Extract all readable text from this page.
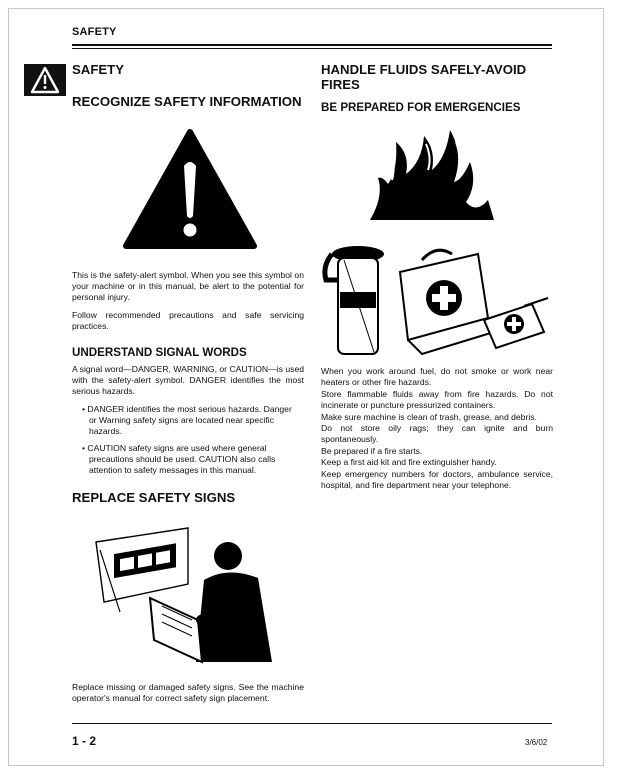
SAFETY
SAFETY
RECOGNIZE SAFETY INFORMATION

This is the safety-alert symbol. When you see this symbol on your machine or in this manual, be alert to the potential for personal injury.

Follow recommended precautions and safe servicing practices.

UNDERSTAND SIGNAL WORDS
A signal word—DANGER, WARNING, or CAUTION—is used with the safety-alert symbol. DANGER identifies the most serious hazards.
• DANGER identifies the most serious hazards. Danger or Warning safety signs are located near specific hazards.
• CAUTION safety signs are used where general precautions should be used. CAUTION also calls attention to safety messages in this manual.
REPLACE SAFETY SIGNS
Replace missing or damaged safety signs. See the machine operator's manual for correct safety sign placement.
HANDLE FLUIDS SAFELY-AVOID FIRES
BE PREPARED FOR EMERGENCIES
When you work around fuel, do not smoke or work near heaters or other fire hazards.
Store flammable fluids away from fire hazards. Do not incinerate or puncture pressurized containers.
Make sure machine is clean of trash, grease, and debris.
Do not store oily rags; they can ignite and burn spontaneously.
Be prepared if a fire starts.
Keep a first aid kit and fire extinguisher handy.
Keep emergency numbers for doctors, ambulance service, hospital, and fire department near your telephone.
1 - 2	3/6/02
